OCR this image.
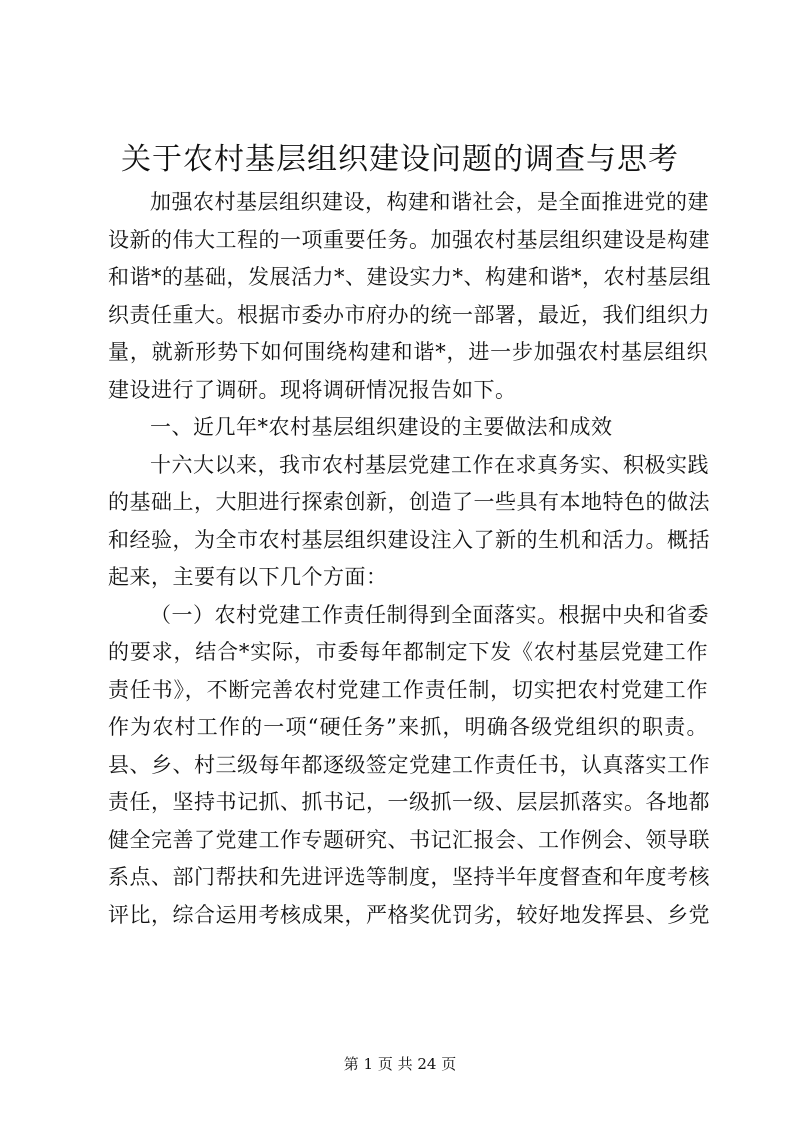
关于农村基层组织建设问题的调查与思考
加强农村基层组织建设，构建和谐社会，是全面推进党的建
设新的伟大工程的一项重要任务。加强农村基层组织建设是构建
和谐*的基础，发展活力*、建设实力*、构建和谐*，农村基层组
织责任重大。根据市委办市府办的统一部署，最近，我们组织力
量，就新形势下如何围绕构建和谐*，进一步加强农村基层组织
建设进行了调研。现将调研情况报告如下。
一、近几年*农村基层组织建设的主要做法和成效
十六大以来，我市农村基层党建工作在求真务实、积极实践
的基础上，大胆进行探索创新，创造了一些具有本地特色的做法
和经验，为全市农村基层组织建设注入了新的生机和活力。概括
起来，主要有以下几个方面：
（一）农村党建工作责任制得到全面落实。根据中央和省委
的要求，结合*实际，市委每年都制定下发《农村基层党建工作
责任书》，不断完善农村党建工作责任制，切实把农村党建工作
作为农村工作的一项“硬任务”来抓，明确各级党组织的职责。
县、乡、村三级每年都逐级签定党建工作责任书，认真落实工作
责任，坚持书记抓、抓书记，一级抓一级、层层抓落实。各地都
健全完善了党建工作专题研究、书记汇报会、工作例会、领导联
系点、部门帮扶和先进评选等制度，坚持半年度督查和年度考核
评比，综合运用考核成果，严格奖优罚劣，较好地发挥县、乡党
第 1 页 共 24 页
